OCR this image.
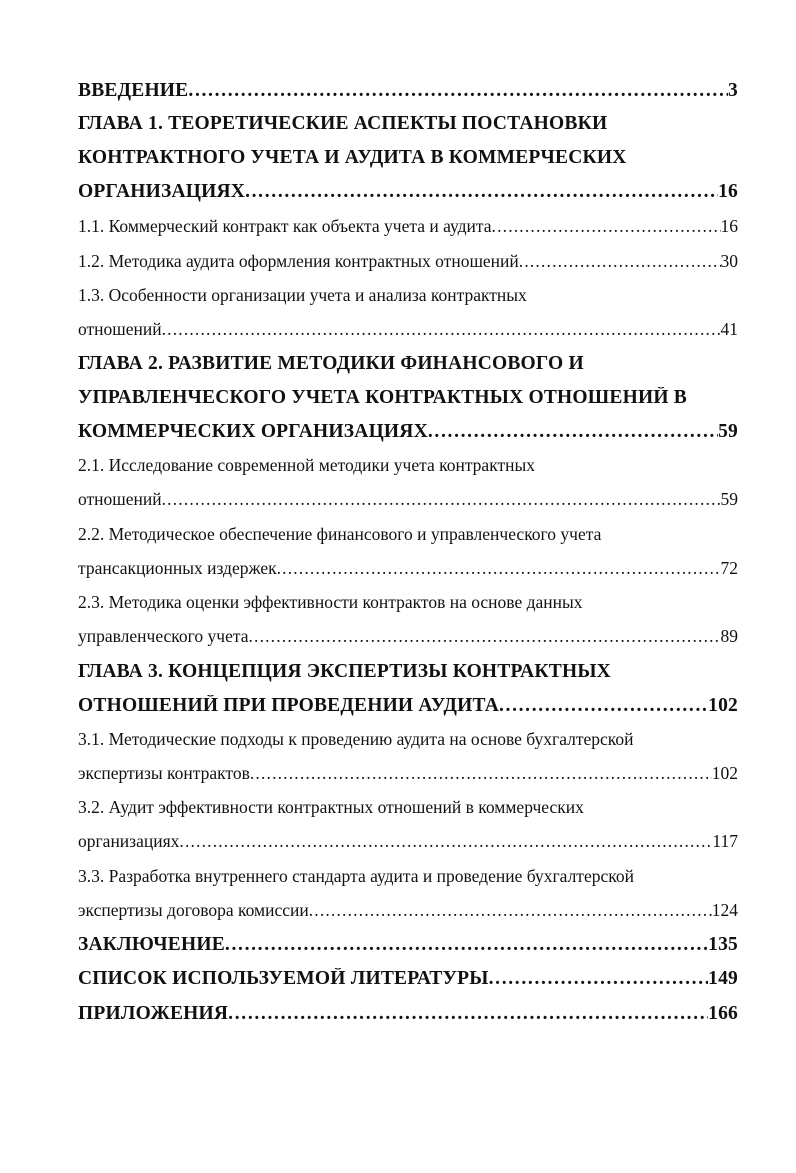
ВВЕДЕНИЕ . . .	3
ГЛАВА 1. ТЕОРЕТИЧЕСКИЕ АСПЕКТЫ ПОСТАНОВКИ
КОНТРАКТНОГО УЧЕТА И АУДИТА В КОММЕРЧЕСКИХ
ОРГАНИЗАЦИЯХ . . .	16
1.1. Коммерческий контракт как объекта учета и аудита . . .	16
1.2. Методика аудита оформления контрактных отношений . . .	30
1.3. Особенности организации учета и анализа контрактных
отношений . . .	41
ГЛАВА 2. РАЗВИТИЕ МЕТОДИКИ ФИНАНСОВОГО И
УПРАВЛЕНЧЕСКОГО УЧЕТА КОНТРАКТНЫХ ОТНОШЕНИЙ В
КОММЕРЧЕСКИХ ОРГАНИЗАЦИЯХ . . .	59
2.1. Исследование современной методики учета контрактных
отношений . . .	59
2.2. Методическое обеспечение финансового и управленческого учета
трансакционных издержек . . .	72
2.3. Методика оценки эффективности контрактов на основе данных
управленческого учета . . .	89
ГЛАВА 3. КОНЦЕПЦИЯ ЭКСПЕРТИЗЫ КОНТРАКТНЫХ
ОТНОШЕНИЙ ПРИ ПРОВЕДЕНИИ АУДИТА . . .	102
3.1. Методические подходы к проведению аудита на основе бухгалтерской
экспертизы контрактов . . .	102
3.2. Аудит эффективности контрактных отношений в коммерческих
организациях . . .	117
3.3. Разработка внутреннего стандарта аудита и проведение бухгалтерской
экспертизы договора комиссии . . .	124
ЗАКЛЮЧЕНИЕ . . .	135
СПИСОК ИСПОЛЬЗУЕМОЙ ЛИТЕРАТУРЫ . . .	149
ПРИЛОЖЕНИЯ . . .	166
